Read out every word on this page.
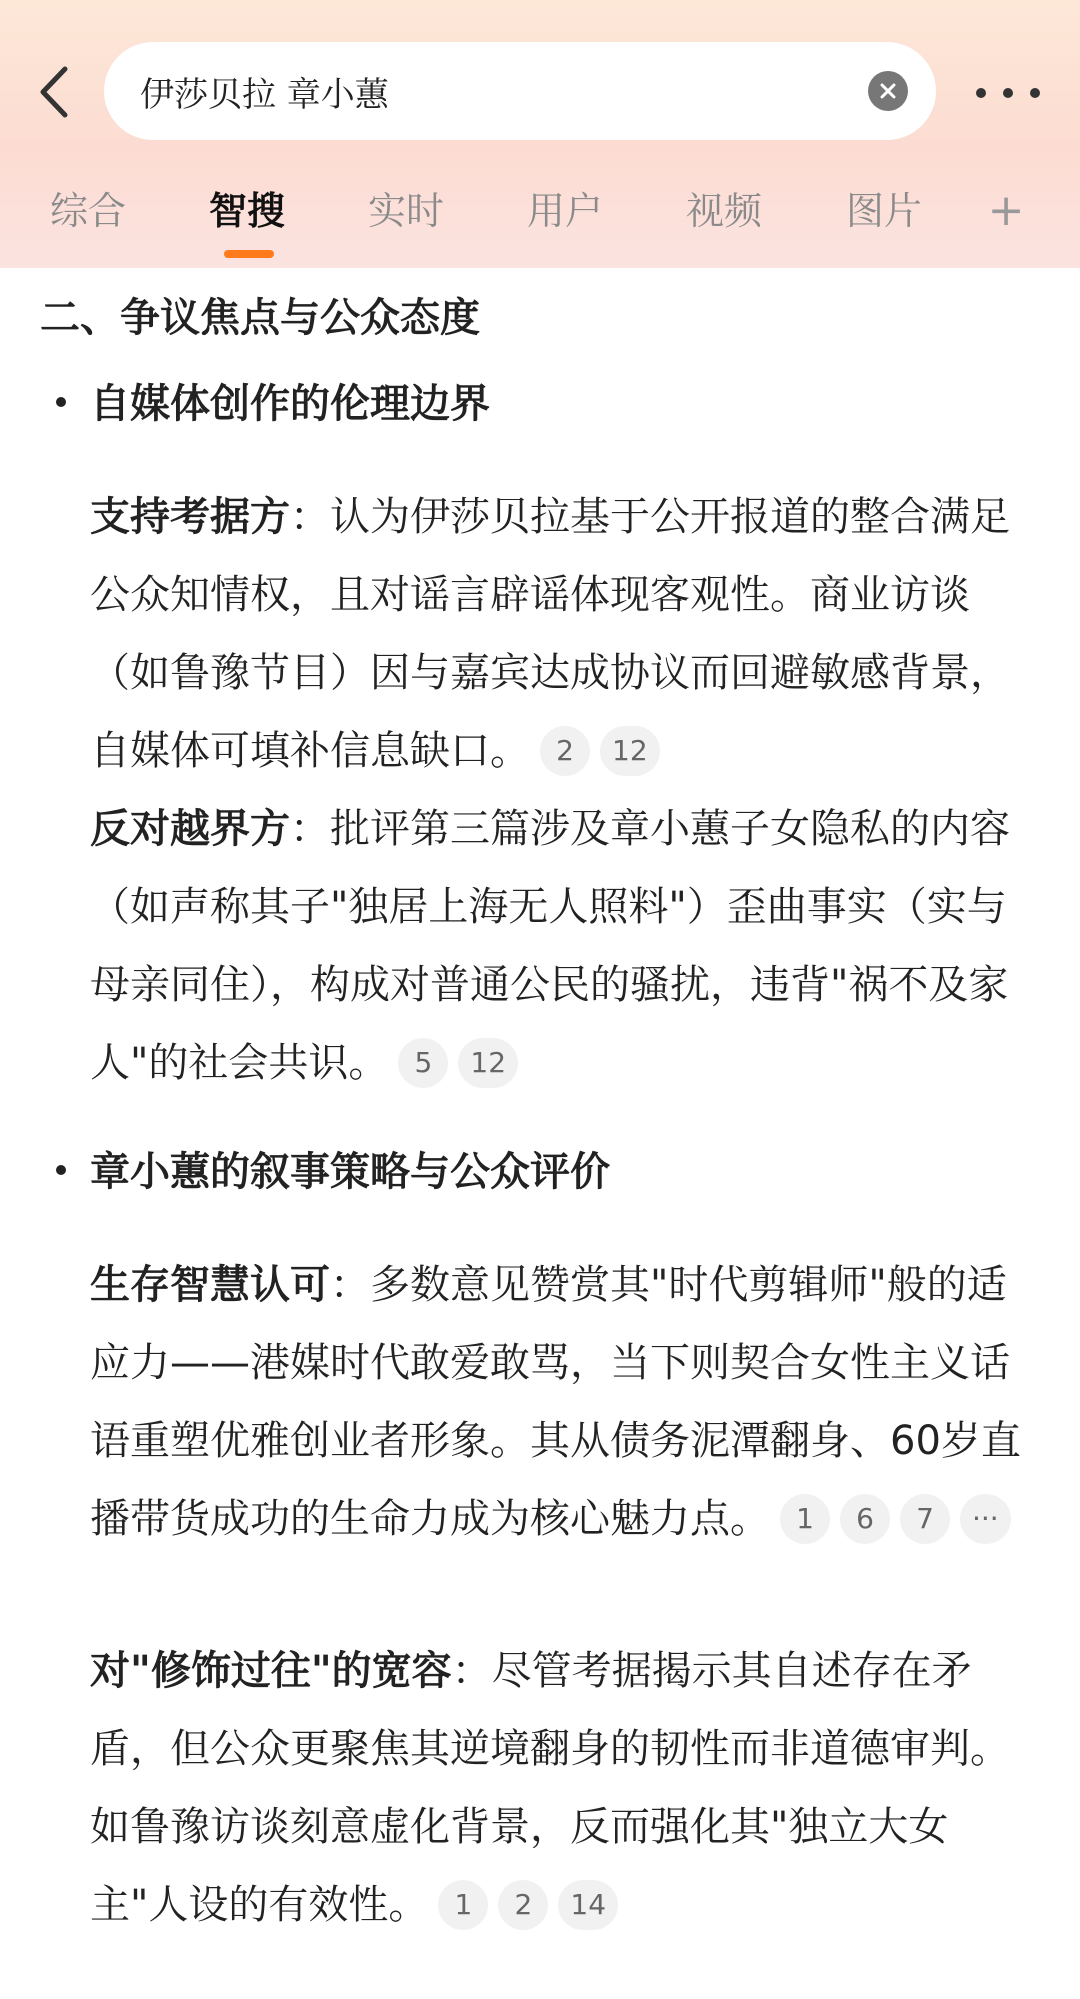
伊莎贝拉 章小蕙
综合 智搜 实时 用户 视频 图片 +
二、争议焦点与公众态度
自媒体创作的伦理边界
支持考据方：认为伊莎贝拉基于公开报道的整合满足公众知情权，且对谣言辟谣体现客观性。商业访谈（如鲁豫节目）因与嘉宾达成协议而回避敏感背景，自媒体可填补信息缺口。 2 12
反对越界方：批评第三篇涉及章小蕙子女隐私的内容（如声称其子"独居上海无人照料"）歪曲事实（实与母亲同住），构成对普通公民的骚扰，违背"祸不及家人"的社会共识。 5 12
章小蕙的叙事策略与公众评价
生存智慧认可：多数意见赞赏其"时代剪辑师"般的适应力——港媒时代敢爱敢骂，当下则契合女性主义话语重塑优雅创业者形象。其从债务泥潭翻身、60岁直播带货成功的生命力成为核心魅力点。 1 6 7 ···
对"修饰过往"的宽容：尽管考据揭示其自述存在矛盾，但公众更聚焦其逆境翻身的韧性而非道德审判。如鲁豫访谈刻意虚化背景，反而强化其"独立大女主"人设的有效性。 1 2 14
